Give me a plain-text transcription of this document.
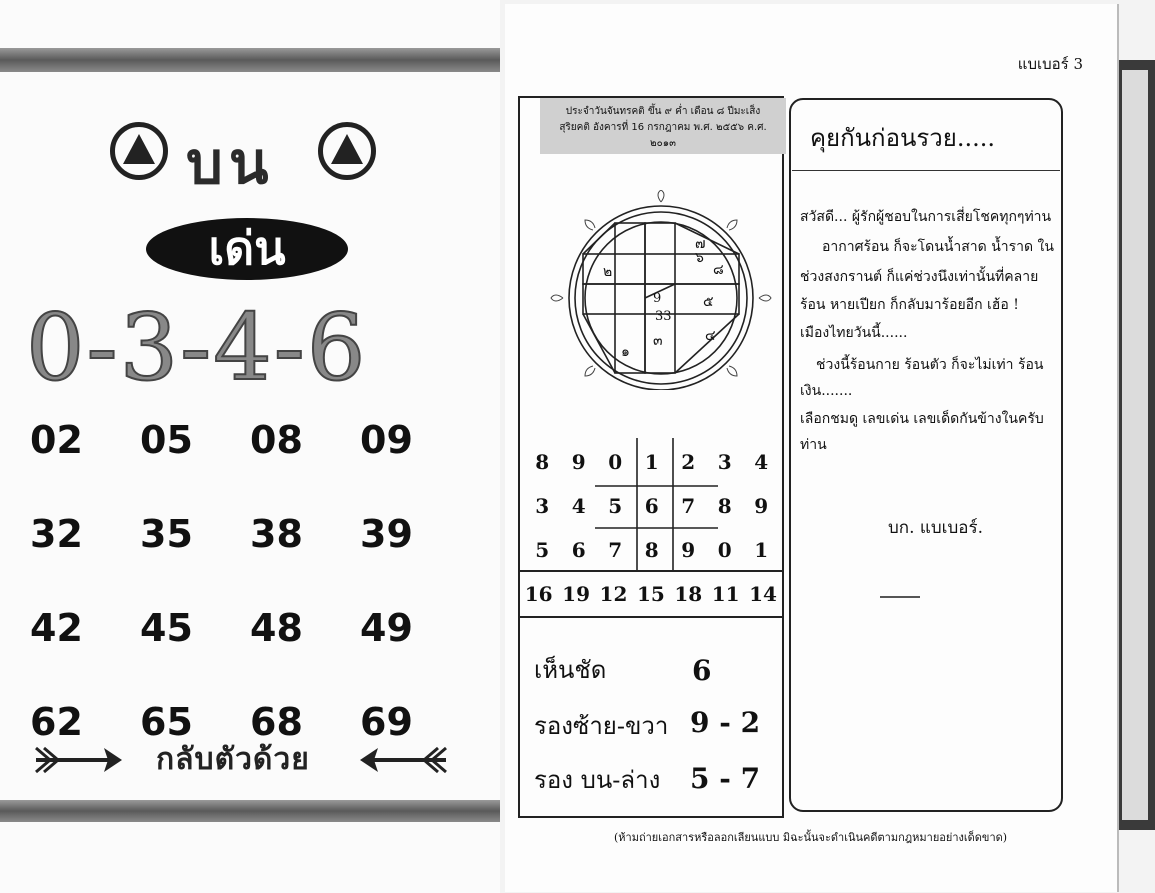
บน
เด่น
0-3-4-6
02	05	08	09
32	35	38	39
42	45	48	49
62	65	68	69
กลับตัวด้วย
แบเบอร์ 3
ประจำวันจันทรคติ ขึ้น ๙ ค่ำ เดือน ๘ ปีมะเส็ง
สุริยคติ อังคารที่ 16 กรกฎาคม พ.ศ. ๒๕๕๖ ค.ศ. ๒๐๑๓
9
33
๒
๗
๘
๕
๔
๓
๑
๖
8	9	0	1	2	3	4
3	4	5	6	7	8	9
5	6	7	8	9	0	1
16 19 12 15 18 11 14
เห็นชัด	6
รองซ้าย-ขวา 9 - 2
รอง บน-ล่าง 5 - 7
คุยกันก่อนรวย.....
สวัสดี... ผู้รักผู้ชอบในการเสี่ยโชคทุกๆท่าน
อากาศร้อน ก็จะโดนน้ำสาด น้ำราด ใน
ช่วงสงกรานต์ ก็แค่ช่วงนึงเท่านั้นที่คลาย
ร้อน หายเปียก ก็กลับมาร้อยอีก เฮ้อ !
เมืองไทยวันนี้......
ช่วงนี้ร้อนกาย ร้อนตัว ก็จะไม่เท่า ร้อน
เงิน.......
เลือกชมดู เลขเด่น เลขเด็ดกันข้างในครับ
ท่าน
บก. แบเบอร์.
(ห้ามถ่ายเอกสารหรือลอกเลียนแบบ มิฉะนั้นจะดำเนินคดีตามกฎหมายอย่างเด็ดขาด)
